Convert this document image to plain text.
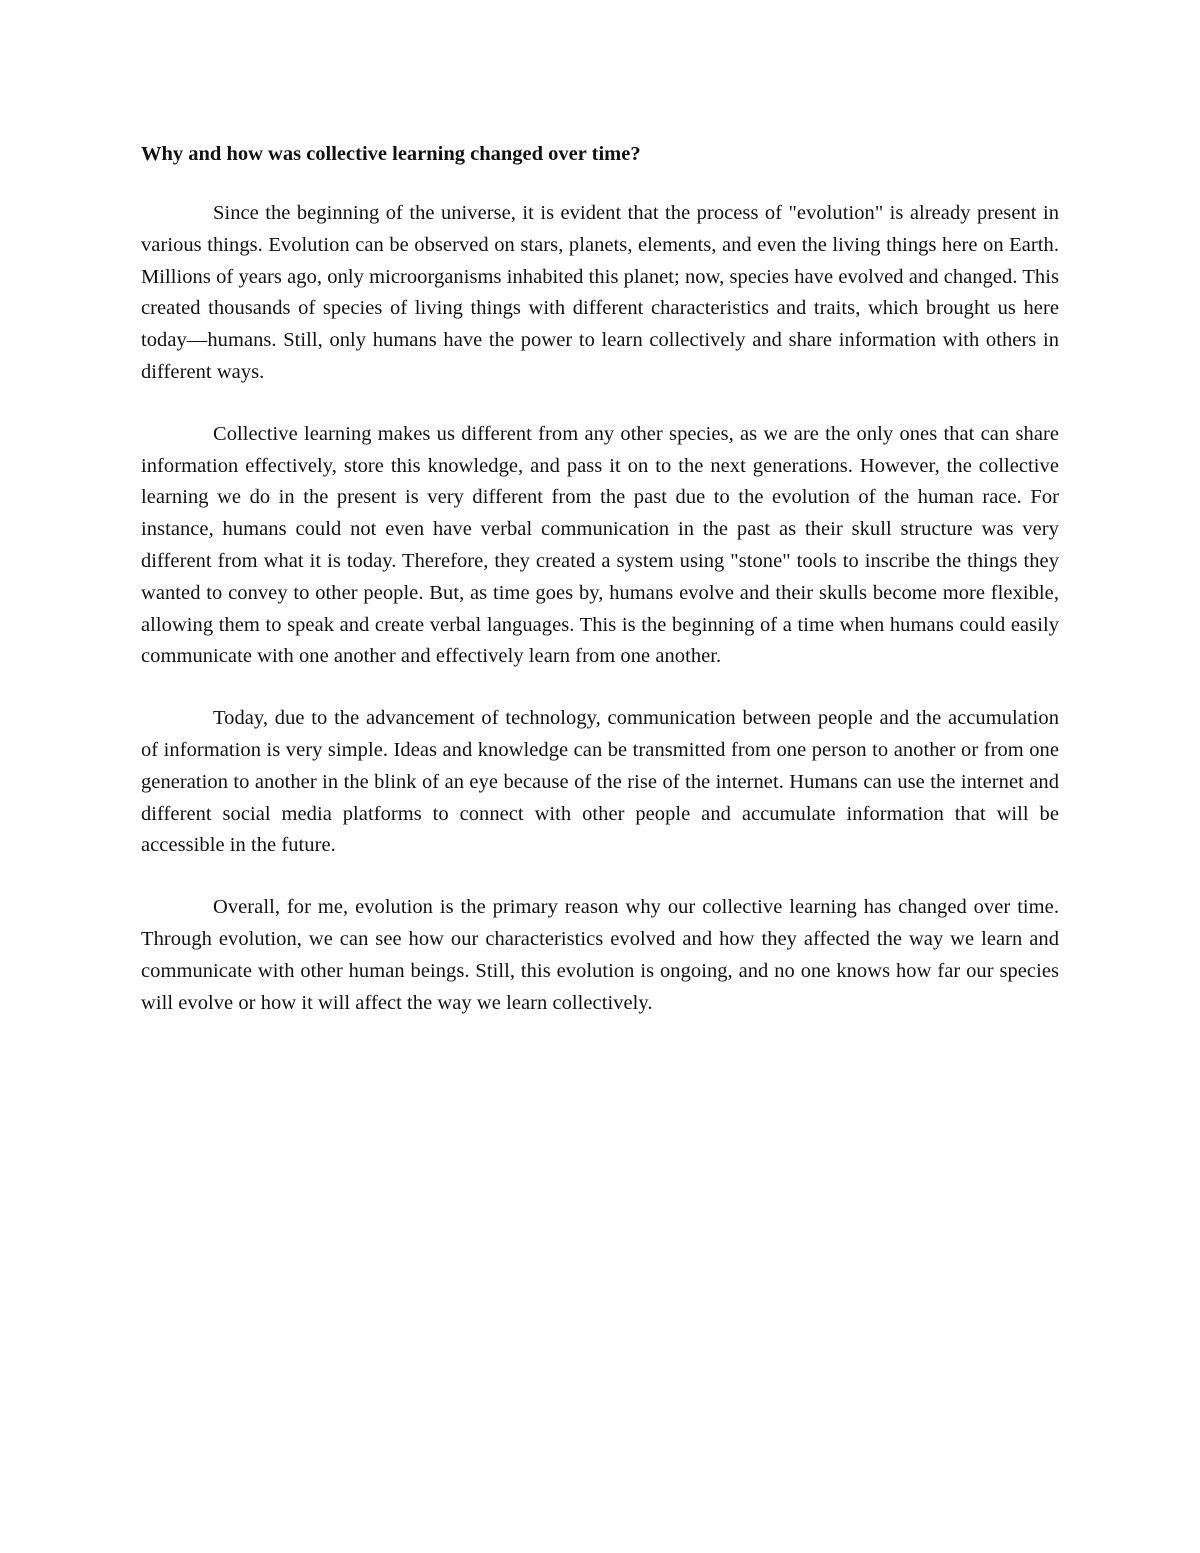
Why and how was collective learning changed over time?

Since the beginning of the universe, it is evident that the process of "evolution" is already present in various things. Evolution can be observed on stars, planets, elements, and even the living things here on Earth. Millions of years ago, only microorganisms inhabited this planet; now, species have evolved and changed. This created thousands of species of living things with different characteristics and traits, which brought us here today—humans. Still, only humans have the power to learn collectively and share information with others in different ways.

Collective learning makes us different from any other species, as we are the only ones that can share information effectively, store this knowledge, and pass it on to the next generations. However, the collective learning we do in the present is very different from the past due to the evolution of the human race. For instance, humans could not even have verbal communication in the past as their skull structure was very different from what it is today. Therefore, they created a system using "stone" tools to inscribe the things they wanted to convey to other people. But, as time goes by, humans evolve and their skulls become more flexible, allowing them to speak and create verbal languages. This is the beginning of a time when humans could easily communicate with one another and effectively learn from one another.

Today, due to the advancement of technology, communication between people and the accumulation of information is very simple. Ideas and knowledge can be transmitted from one person to another or from one generation to another in the blink of an eye because of the rise of the internet. Humans can use the internet and different social media platforms to connect with other people and accumulate information that will be accessible in the future.

Overall, for me, evolution is the primary reason why our collective learning has changed over time. Through evolution, we can see how our characteristics evolved and how they affected the way we learn and communicate with other human beings. Still, this evolution is ongoing, and no one knows how far our species will evolve or how it will affect the way we learn collectively.
